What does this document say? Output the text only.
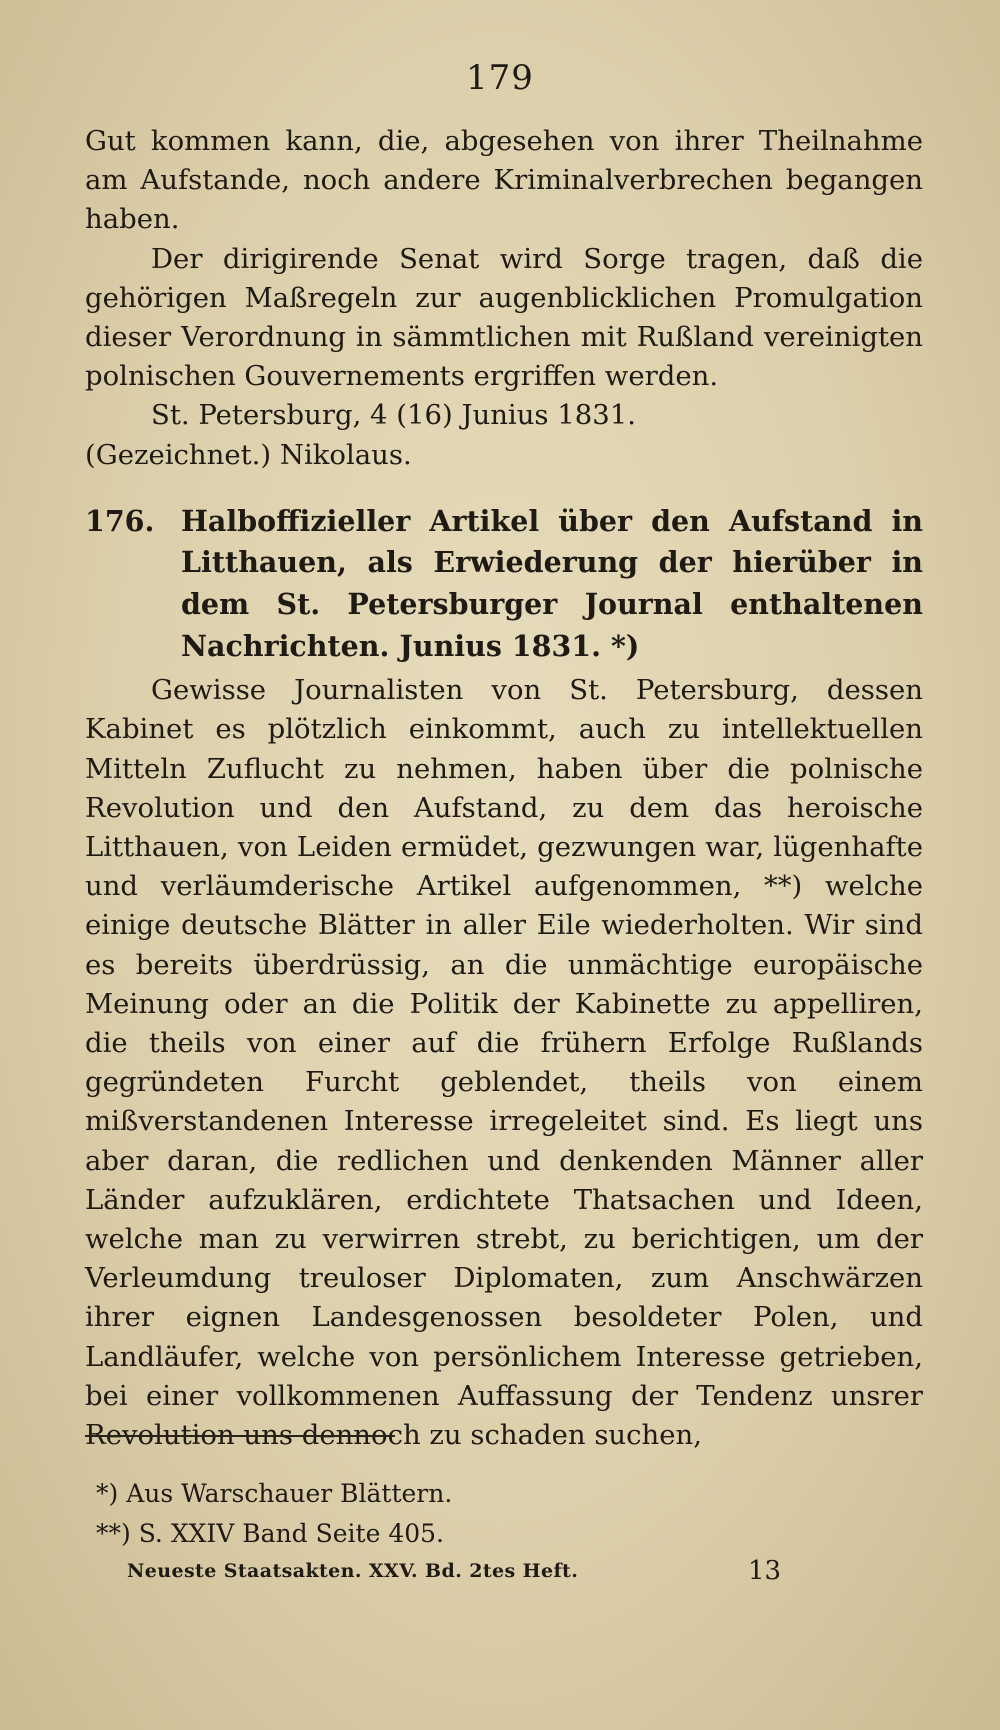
179

Gut kommen kann, die, abgesehen von ihrer Theilnahme am Aufstande, noch andere Kriminalverbrechen begangen haben.

Der dirigirende Senat wird Sorge tragen, daß die gehörigen Maßregeln zur augenblicklichen Promulgation dieser Verordnung in sämmtlichen mit Rußland vereinigten polnischen Gouvernements ergriffen werden.

St. Petersburg, 4 (16) Junius 1831.

(Gezeichnet.) Nikolaus.

176. Halboffizieller Artikel über den Aufstand in Litthauen, als Erwiederung der hierüber in dem St. Petersburger Journal enthaltenen Nachrichten. Junius 1831. *)

Gewisse Journalisten von St. Petersburg, dessen Kabinet es plötzlich einkommt, auch zu intellektuellen Mitteln Zuflucht zu nehmen, haben über die polnische Revolution und den Aufstand, zu dem das heroische Litthauen, von Leiden ermüdet, gezwungen war, lügenhafte und verläumderische Artikel aufgenommen, **) welche einige deutsche Blätter in aller Eile wiederholten. Wir sind es bereits überdrüssig, an die unmächtige europäische Meinung oder an die Politik der Kabinette zu appelliren, die theils von einer auf die frühern Erfolge Rußlands gegründeten Furcht geblendet, theils von einem mißverstandenen Interesse irregeleitet sind. Es liegt uns aber daran, die redlichen und denkenden Männer aller Länder aufzuklären, erdichtete Thatsachen und Ideen, welche man zu verwirren strebt, zu berichtigen, um der Verleumdung treuloser Diplomaten, zum Anschwärzen ihrer eignen Landesgenossen besoldeter Polen, und Landläufer, welche von persönlichem Interesse getrieben, bei einer vollkommenen Auffassung der Tendenz unsrer Revolution uns dennoch zu schaden suchen,

*) Aus Warschauer Blättern.

**) S. XXIV Band Seite 405.

Neueste Staatsakten. XXV. Bd. 2tes Heft.	13
